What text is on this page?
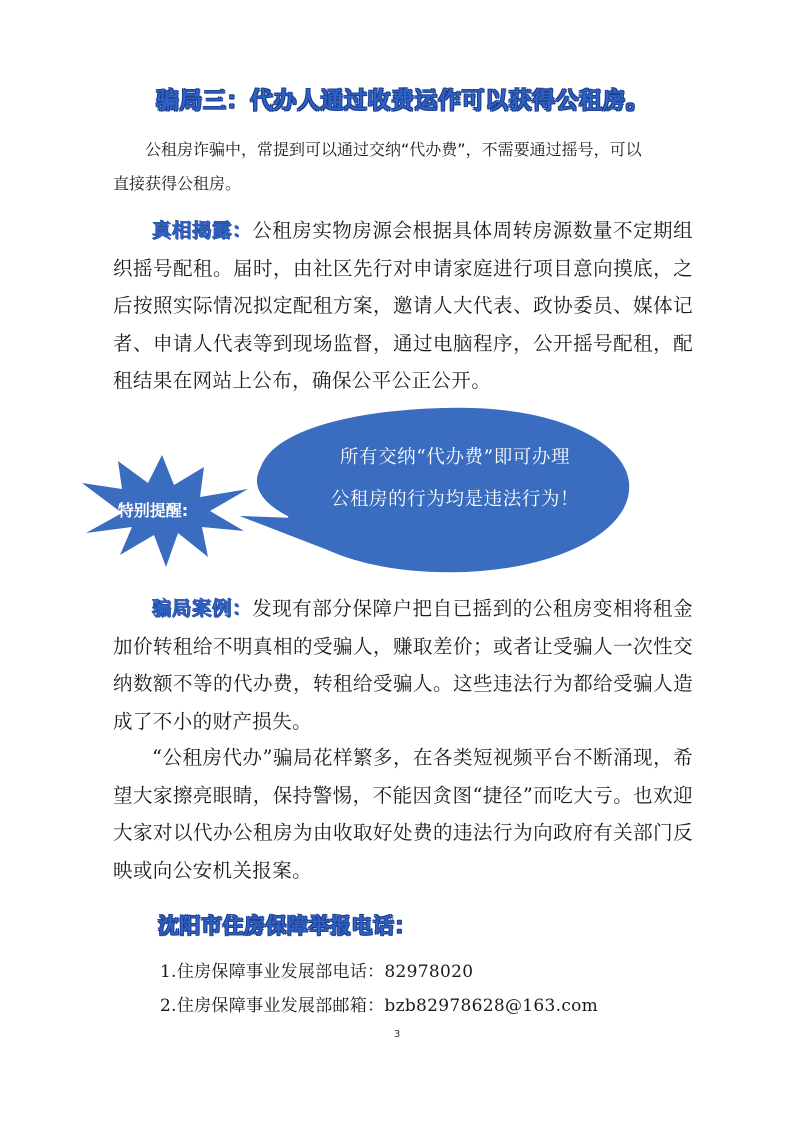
骗局三：代办人通过收费运作可以获得公租房。
公租房诈骗中，常提到可以通过交纳“代办费”，不需要通过摇号，可以
直接获得公租房。

真相揭露：公租房实物房源会根据具体周转房源数量不定期组织摇号配租。届时，由社区先行对申请家庭进行项目意向摸底，之后按照实际情况拟定配租方案，邀请人大代表、政协委员、媒体记者、申请人代表等到现场监督，通过电脑程序，公开摇号配租，配租结果在网站上公布，确保公平公正公开。

特别提醒:
所有交纳“代办费”即可办理
公租房的行为均是违法行为！

骗局案例：发现有部分保障户把自已摇到的公租房变相将租金加价转租给不明真相的受骗人，赚取差价；或者让受骗人一次性交纳数额不等的代办费，转租给受骗人。这些违法行为都给受骗人造成了不小的财产损失。

“公租房代办”骗局花样繁多，在各类短视频平台不断涌现，希望大家擦亮眼睛，保持警惕，不能因贪图“捷径”而吃大亏。也欢迎大家对以代办公租房为由收取好处费的违法行为向政府有关部门反映或向公安机关报案。

沈阳市住房保障举报电话：
1.住房保障事业发展部电话：82978020
2.住房保障事业发展部邮箱：bzb82978628@163.com
3
